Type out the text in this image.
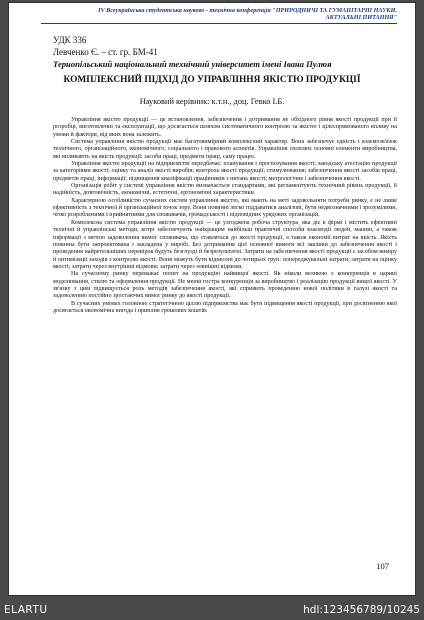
IV Всеукраїнська студентська науково - технічна конференція "ПРИРОДНИЧІ ТА ГУМАНІТАРНІ НАУКИ.
АКТУАЛЬНІ ПИТАННЯ"
УДК 336
Левченко Є. – ст. гр. БМ-41
Тернопільський національний технічний університет імені Івана Пулюя
КОМПЛЕКСНИЙ ПІДХІД ДО УПРАВЛІННЯ ЯКІСТЮ ПРОДУКЦІЇ
Науковий керівник: к.т.н., доц. Гевко І.Б.

Управління якістю продукції — це встановлення, забезпечення і дотримання не обхідного рівня якості продукції при її розробці, виготовленні та експлуатації, що досягається шляхом систематичного контролю за якістю і цілеспрямованого впливу на умови й фактори, від яких вона залежить.

Система управління якістю продукції має багатовимірний комплексний характер. Вона забезпечує єдність і взаємозв'язок технічного, організаційного, економічного, соціального і правового аспектів. Управління охоплює основні елементи виробництва, які впливають на якість продукції: засоби праці, предмети праці, саму працю.

Управління якістю продукції на підприємстві передбачає: планування і прогнозування якості; заводську атестацію продукції за категоріями якості; оцінку та аналіз якості виробів; контроль якості продукції; стимулювання; забезпечення якості засобів праці, предметів праці, інформації; підвищення кваліфікації працівників з питань якості; метрологічне і забезпечення якості.

Організація робіт у системі управління якістю визначається стандартами, які регламентують технічний рівень продукції, її надійність, довговічність, економічні, естетичні, ергономічні характеристики.

Характерною особливістю сучасних систем управління якістю, які мають на меті задовольняти потреби ринку, є не лише ефективність з технічної й організаційної точок зору. Вони повинні легко піддаватися аналізові, бути недвозначними і зрозумілими, чітко розробленими і прийнятними для споживачів, громадськості і відповідних урядових організацій.

Комплексна система управління якістю продукції — це узгоджена робоча структура, яка діє в фірмі і містить ефективні технічні й управлінські методи, котрі забезпечують найкращим найбільш практичні способи взаємодії людей, машин, а також інформації з метою задоволення вимог споживача, що ставляться до якості продукції, а також економії витрат на якість. Якість повинна бути запроектована і закладена у виробі. Без дотримання цієї основної вимоги всі заклики до забезпечення якості і проведення найретельніших перевірок будуть безглузді й безрезультатні. Затрати на забезпечення якості продукції є засобом виміру й оптимізації заходів з контролю якості. Вони можуть бути віднесені до чотирьох груп: попереджувальні затрати; затрати на оцінку якості; затрати через внутрішні відмови; затрати через зовнішні відмови.

На сучасному ринку переважає попит на продукцію найвищої якості. Як ніколи великою є конкуренція в царині моделювання, стилю та оформлення продукції. Не менш гостра конкуренція за виробництво і реалізацію продукції вищої якості. У зв'язку з цим підвищується роль методів забезпечення якості, які сприяють проведенню нової політики в галузі якості та задоволенню постійно зростаючих вимог ринку до якості продукції.

В сучасних умовах головною стратегічною ціллю підприємства має бути підвищення якості продукції, при досягненню якої досягається економічна вигода і приплив грошових коштів.

107
ELARTU	hdl:123456789/10245
